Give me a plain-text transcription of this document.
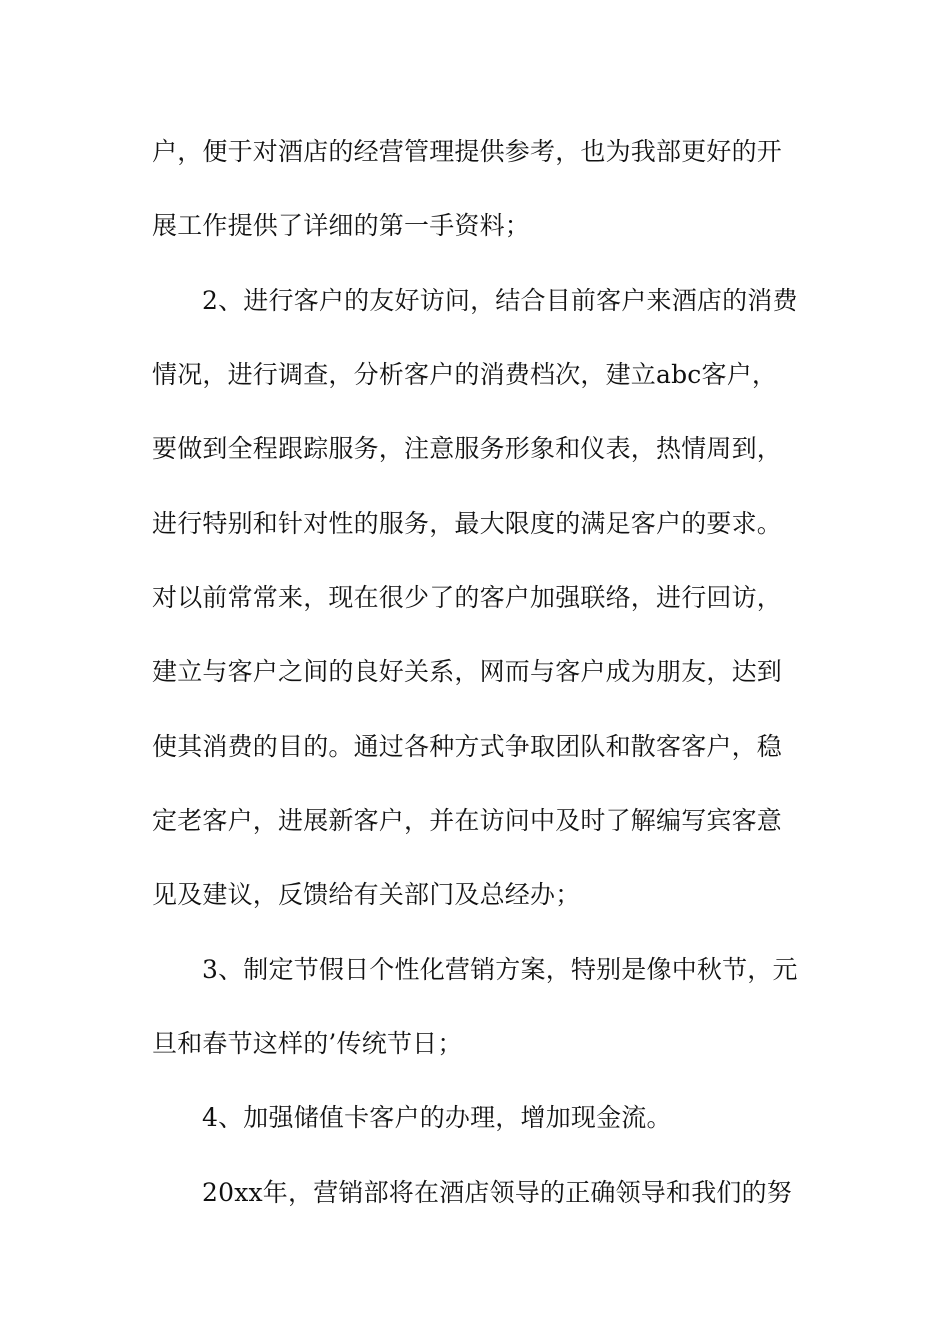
户，便于对酒店的经营管理提供参考，也为我部更好的开
展工作提供了详细的第一手资料；
2、进行客户的友好访问，结合目前客户来酒店的消费
情况，进行调查，分析客户的消费档次，建立abc客户，
要做到全程跟踪服务，注意服务形象和仪表，热情周到，
进行特别和针对性的服务，最大限度的满足客户的要求。
对以前常常来，现在很少了的客户加强联络，进行回访，
建立与客户之间的良好关系，网而与客户成为朋友，达到
使其消费的目的。通过各种方式争取团队和散客客户，稳
定老客户，进展新客户，并在访问中及时了解编写宾客意
见及建议，反馈给有关部门及总经办；
3、制定节假日个性化营销方案，特别是像中秋节，元
旦和春节这样的’传统节日；
4、加强储值卡客户的办理，增加现金流。
20xx年，营销部将在酒店领导的正确领导和我们的努
